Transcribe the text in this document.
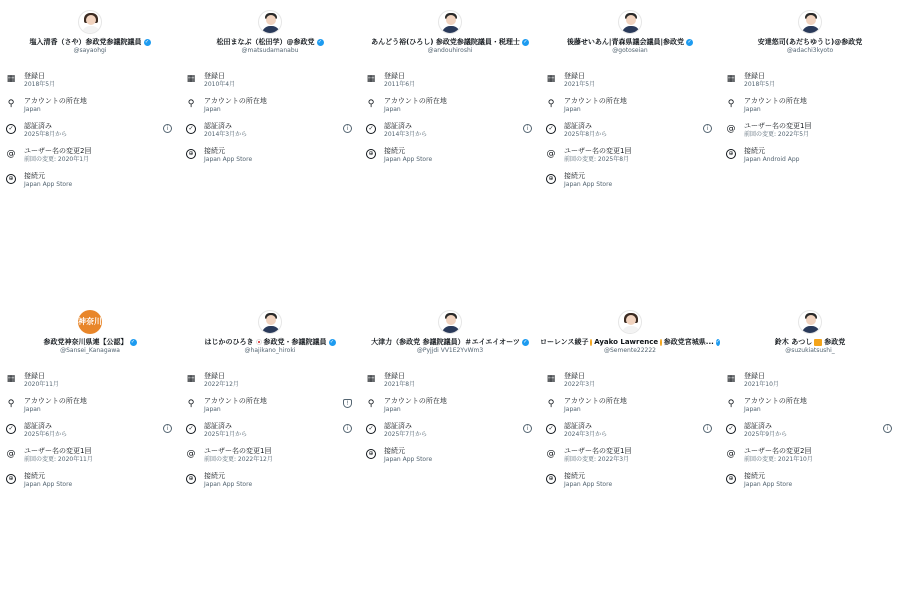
塩入清香（さや）参政党参議院議員 ✓
@sayaohgi
▦ 登録日
2018年5月
⚲ アカウントの所在地
Japan
✓	認証済み
2025年8月から
i
@ ユーザー名の変更2回
前回の変更: 2020年1月
⊕	接続元
Japan App Store
松田まなぶ（松田学）@参政党 ✓
@matsudamanabu
▦ 登録日
2010年4月
⚲ アカウントの所在地
Japan
✓	認証済み
2014年3月から
i
⊕	接続元
Japan App Store
あんどう裕(ひろし) 参政党参議院議員・税理士 ✓
@andouhiroshi
▦ 登録日
2011年6月
⚲ アカウントの所在地
Japan
✓	認証済み
2014年3月から
i
⊕	接続元
Japan App Store
後藤せいあん|青森県議会議員|参政党 ✓
@gotoseian
▦ 登録日
2021年5月
⚲ アカウントの所在地
Japan
✓	認証済み
2025年8月から
i
@ ユーザー名の変更1回
前回の変更: 2025年8月
⊕	接続元
Japan App Store
安達悠司(あだちゆうじ)@参政党
@adachi3kyoto
▦ 登録日
2018年5月
⚲ アカウントの所在地
Japan
@ ユーザー名の変更1回
前回の変更: 2022年5月
⊕	接続元
Japan Android App
神奈川
参政党神奈川県連【公認】 ✓
@Sansei_Kanagawa
▦ 登録日
2020年11月
⚲ アカウントの所在地
Japan
✓	認証済み
2025年6月から
i
@ ユーザー名の変更1回
前回の変更: 2020年11月
⊕	接続元
Japan App Store
はじかのひろき 参政党・参議院議員 ✓
@hajikano_hiroki
▦ 登録日
2022年12月
⚲ アカウントの所在地
Japan
!
✓	認証済み
2025年1月から
i
@ ユーザー名の変更1回
前回の変更: 2022年12月
⊕	接続元
Japan App Store
大津力（参政党 参議院議員）＃エイエイオーツ ✓
@Pyjjdi VV1E2YvWm3
▦ 登録日
2021年8月
⚲ アカウントの所在地
Japan
✓	認証済み
2025年7月から
i
⊕	接続元
Japan App Store
ローレンス綾子 Ayako Lawrence 参政党宮城県... ✓
@Semente22222
▦ 登録日
2022年3月
⚲ アカウントの所在地
Japan
✓	認証済み
2024年3月から
i
@ ユーザー名の変更1回
前回の変更: 2022年3月
⊕	接続元
Japan App Store
鈴木 あつし 参政党
@suzukiatsushi_
▦ 登録日
2021年10月
⚲ アカウントの所在地
Japan
✓	認証済み
2025年9月から
i
@ ユーザー名の変更2回
前回の変更: 2021年10月
⊕	接続元
Japan App Store
